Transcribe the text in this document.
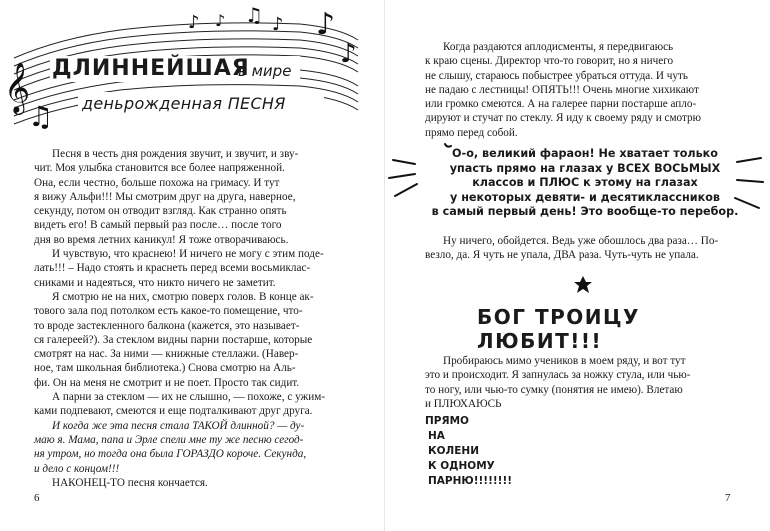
𝄞
♪ ♪ ♫ ♪ ♪
♪
♫
ДЛИННЕЙШАЯ
в мире
деньрожденная ПЕСНЯ
Песня в честь дня рождения звучит, и звучит, и зву-
чит. Моя улыбка становится все более напряженной.
Она, если честно, больше похожа на гримасу. И тут
я вижу Альфи!!! Мы смотрим друг на друга, наверное,
секунду, потом он отводит взгляд. Как странно опять
видеть его! В самый первый раз после… после того
дня во время летних каникул! Я тоже отворачиваюсь.
И чувствую, что краснею! И ничего не могу с этим поде-
лать!!! – Надо стоять и краснеть перед всеми восьмиклас-
сниками и надеяться, что никто ничего не заметит.
Я смотрю не на них, смотрю поверх голов. В конце ак-
тового зала под потолком есть какое-то помещение, что-
то вроде застекленного балкона (кажется, это называет-
ся галереей?). За стеклом видны парни постарше, которые
смотрят на нас. За ними — книжные стеллажи. (Навер-
ное, там школьная библиотека.) Снова смотрю на Аль-
фи. Он на меня не смотрит и не поет. Просто так сидит.
А парни за стеклом — их не слышно, — похоже, с ужим-
ками подпевают, смеются и еще подталкивают друг друга.
И когда же эта песня стала ТАКОЙ длинной? — ду-
маю я. Мама, папа и Эрле спели мне ту же песню сегод-
ня утром, но тогда она была ГОРАЗДО короче. Секунда,
и дело с концом!!!
НАКОНЕЦ-ТО песня кончается.
6
Когда раздаются аплодисменты, я передвигаюсь
к краю сцены. Директор что-то говорит, но я ничего
не слышу, стараюсь побыстрее убраться оттуда. И чуть
не падаю с лестницы! ОПЯТЬ!!! Очень многие хихикают
или громко смеются. А на галерее парни постарше апло-
дируют и стучат по стеклу. Я иду к своему ряду и смотрю
прямо перед собой.
О-о, великий фараон! Не хватает только
упасть прямо на глазах у ВСЕХ ВОСЬМЫХ
классов и ПЛЮС к этому на глазах
у некоторых девяти- и десятиклассников
в самый первый день! Это вообще-то перебор.
Ну ничего, обойдется. Ведь уже обошлось два раза… По-
везло, да. Я чуть не упала, ДВА раза. Чуть-чуть не упала.
БОГ ТРОИЦУ ЛЮБИТ!!!
Пробираюсь мимо учеников в моем ряду, и вот тут
это и происходит. Я запнулась за ножку стула, или чью-
то ногу, или чью-то сумку (понятия не имею). Влетаю
и ПЛЮХАЮСЬ
ПРЯМО
НА
КОЛЕНИ
К ОДНОМУ
ПАРНЮ!!!!!!!!
7
